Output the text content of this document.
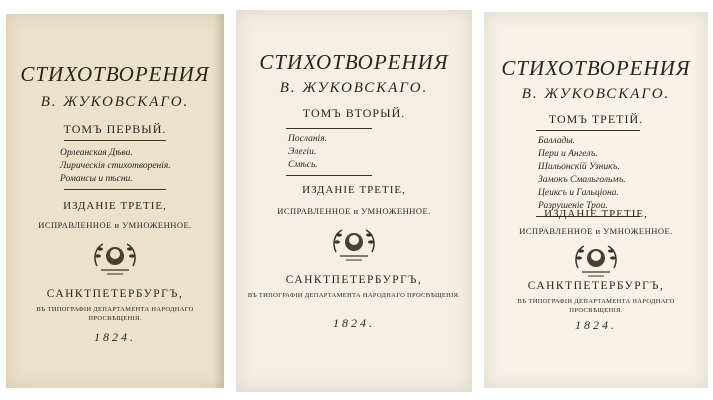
СТИХОТВОРЕНИЯ
В. ЖУКОВСКАГО.
ТОМЪ ПЕРВЫЙ.
Орлеанская Дѣва.
Лирическія стихотворенія.
Романсы и пѣсни.
ИЗДАНІЕ ТРЕТІЕ,
ИСПРАВЛЕННОЕ и УМНОЖЕННОЕ.
САНКТПЕТЕРБУРГЪ,
ВЪ ТИПОГРАФІИ ДЕПАРТАМЕНТА НАРОДНАГО ПРОСВѢЩЕНІЯ.
1824.
СТИХОТВОРЕНИЯ
В. ЖУКОВСКАГО.
ТОМЪ ВТОРЫЙ.
Посланія.
Элегіи.
Смѣсь.
ИЗДАНІЕ ТРЕТІЕ,
ИСПРАВЛЕННОЕ и УМНОЖЕННОЕ.
САНКТПЕТЕРБУРГЪ,
ВЪ ТИПОГРАФІИ ДЕПАРТАМЕНТА НАРОДНАГО ПРОСВѢЩЕНІЯ.
1824.
СТИХОТВОРЕНИЯ
В. ЖУКОВСКАГО.
ТОМЪ ТРЕТІЙ.
Баллады.
Пери и Ангелъ.
Шильонскій Узникъ.
Замокъ Смальгольмъ.
Цеиксъ и Гальціона.
Разрушеніе Трои.
ИЗДАНІЕ ТРЕТІЕ,
ИСПРАВЛЕННОЕ и УМНОЖЕННОЕ.
САНКТПЕТЕРБУРГЪ,
ВЪ ТИПОГРАФІИ ДЕПАРТАМЕНТА НАРОДНАГО ПРОСВѢЩЕНІЯ.
1824.
